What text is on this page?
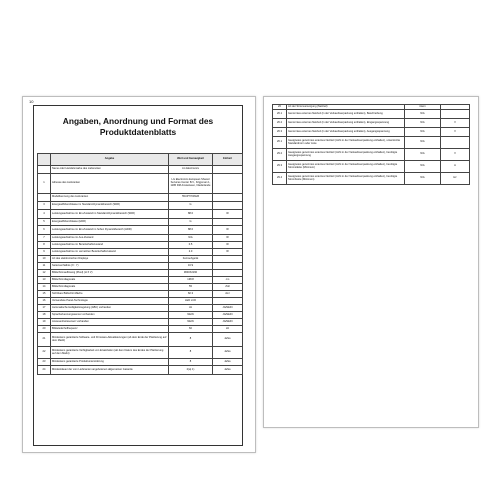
10
Angaben, Anordnung und Format des Produktdatenblatts
	Angabe	Wert und Genauigkeit	Einheit
	Name oder Handelsmarke des Lieferanten	LG Electronics	
1	Adresse des Lieferanten	LG Electronics European Shared Services Center B.V., Krijgsman 1, 1186 DM Amstelveen, Niederlande	
	Modellkennung des Lieferanten	55UP77009LB	
3	Energieeffizienzklasse im Standard-Dynamikbereich (SDR)	G	
4	Leistungsaufnahme im Ein-Zustand im Standard-Dynamikbereich (SDR)	88.0	W
5	Energieeffizienzklasse (HDR)	G	
6	Leistungsaufnahme im Ein-Zustand im hohen Dynamikbereich (HDR)	88.0	W
7	Leistungsaufnahme im Aus-Zustand	N/A	W
8	Leistungsaufnahme im Bereitschaftszustand	0.5	W
9	Leistungsaufnahme im vernetzten Bereitschaftszustand	2.0	W
10	Art des elektronischen Displays	Fernsehgerät	
11	Seitenverhältnis (X : Y)	16:9	
12	Bildschirmauflösung (Pixel) (H X V)	3840X2160	
13	Bildschirmdiagonale	138.8	cm
14	Bildschirmdiagonale	55	Zoll
15	Sichtbare Bildschirmfläche	82.3	dm²
16	Verwendete Panel-Technologie	LED LCD	
17	Automatische Helligkeitsregelung (ABC) vorhanden	JA	JA/NEIN
18	Spracherkennungssensor vorhanden	NEIN	JA/NEIN
19	Anwesenheitssensor vorhanden	NEIN	JA/NEIN
20	Bildwiederholfrequenz	60	Hz
21	Mindestens garantierte Software- und Firmware-Aktualisierungen (ab dem Ende der Platzierung auf dem Markt)	8	Jahre
22	Mindestens garantierte Verfügbarkeit von Ersatzteilen (ab dem Datum des Endes der Platzierung auf dem Markt)	8	Jahre
23	Mindestens garantierte Produktunterstützung	8	Jahre
24	Mindestdauer der vom Lieferanten angebotenen allgemeinen Garantie	2(a) 1)	Jahre
26	Art der Stromversorgung (Netzteil)	intern	
26.1	Genormtes externes Netzteil (in der Verkaufsverpackung enthalten), Beschreibung	N/A	
26.2	Genormtes externes Netzteil (in der Verkaufsverpackung enthalten), Eingangsspannung	N/A	V
26.3	Genormtes externes Netzteil (in der Verkaufsverpackung enthalten), Ausgangsspannung	N/A	V
26.1	Geeignetes genormtes externes Netzteil (nicht in der Verkaufsverpackung enthalten), unterstützte Standardnorm oder Liste	N/A	
29.2	Geeignetes genormtes externes Netzteil (nicht in der Verkaufsverpackung enthalten), benötigte Ausgangsspannung	N/A	V
29.3	Geeignetes genormtes externes Netzteil (nicht in der Verkaufsverpackung enthalten), benötigte Stromstärke (Minimum)	N/A	A
29.4	Geeignetes genormtes externes Netzteil (nicht in der Verkaufsverpackung enthalten), benötigte Strombreite (Minimum)	N/A	Hz
